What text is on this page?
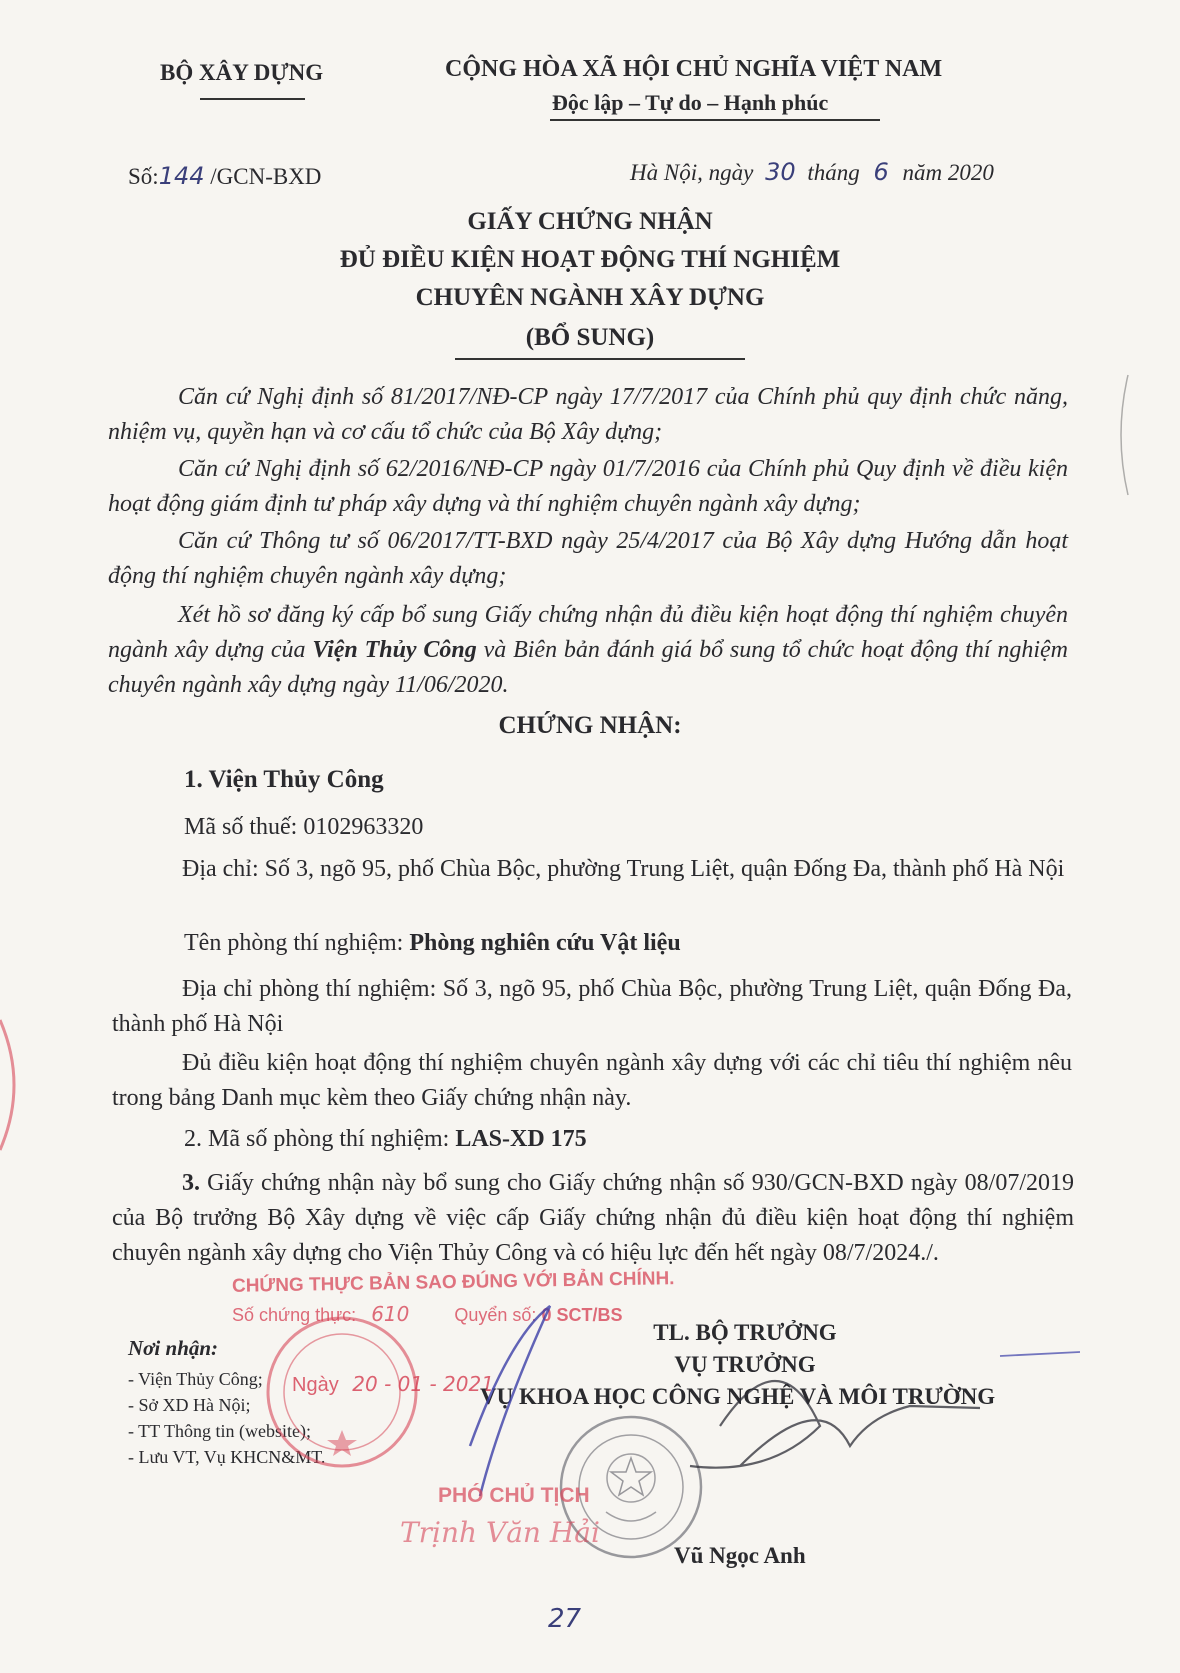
BỘ XÂY DỰNG	CỘNG HÒA XÃ HỘI CHỦ NGHĨA VIỆT NAM
Độc lập – Tự do – Hạnh phúc
Số:144 /GCN-BXD	Hà Nội, ngày 30 tháng 6 năm 2020
GIẤY CHỨNG NHẬN
ĐỦ ĐIỀU KIỆN HOẠT ĐỘNG THÍ NGHIỆM
CHUYÊN NGÀNH XÂY DỰNG
(BỔ SUNG)
Căn cứ Nghị định số 81/2017/NĐ-CP ngày 17/7/2017 của Chính phủ quy định chức năng, nhiệm vụ, quyền hạn và cơ cấu tổ chức của Bộ Xây dựng;
Căn cứ Nghị định số 62/2016/NĐ-CP ngày 01/7/2016 của Chính phủ Quy định về điều kiện hoạt động giám định tư pháp xây dựng và thí nghiệm chuyên ngành xây dựng;
Căn cứ Thông tư số 06/2017/TT-BXD ngày 25/4/2017 của Bộ Xây dựng Hướng dẫn hoạt động thí nghiệm chuyên ngành xây dựng;
Xét hồ sơ đăng ký cấp bổ sung Giấy chứng nhận đủ điều kiện hoạt động thí nghiệm chuyên ngành xây dựng của Viện Thủy Công và Biên bản đánh giá bổ sung tổ chức hoạt động thí nghiệm chuyên ngành xây dựng ngày 11/06/2020.
CHỨNG NHẬN:
1. Viện Thủy Công
Mã số thuế: 0102963320
Địa chỉ: Số 3, ngõ 95, phố Chùa Bộc, phường Trung Liệt, quận Đống Đa, thành phố Hà Nội
Tên phòng thí nghiệm: Phòng nghiên cứu Vật liệu
Địa chỉ phòng thí nghiệm: Số 3, ngõ 95, phố Chùa Bộc, phường Trung Liệt, quận Đống Đa, thành phố Hà Nội
Đủ điều kiện hoạt động thí nghiệm chuyên ngành xây dựng với các chỉ tiêu thí nghiệm nêu trong bảng Danh mục kèm theo Giấy chứng nhận này.
2. Mã số phòng thí nghiệm: LAS-XD 175
3. Giấy chứng nhận này bổ sung cho Giấy chứng nhận số 930/GCN-BXD ngày 08/07/2019 của Bộ trưởng Bộ Xây dựng về việc cấp Giấy chứng nhận đủ điều kiện hoạt động thí nghiệm chuyên ngành xây dựng cho Viện Thủy Công và có hiệu lực đến hết ngày 08/7/2024./.
CHỨNG THỰC BẢN SAO ĐÚNG VỚI BẢN CHÍNH.
Số chứng thực: 610	Quyển số: 0 SCT/BS
Ngày 20 - 01 - 2021
Nơi nhận:
- Viện Thủy Công;
- Sở XD Hà Nội;
- TT Thông tin (website);
- Lưu VT, Vụ KHCN&MT.
TL. BỘ TRƯỞNG
VỤ TRƯỞNG
VỤ KHOA HỌC CÔNG NGHỆ VÀ MÔI TRƯỜNG
PHÓ CHỦ TỊCH
Trịnh Văn Hải
Vũ Ngọc Anh
27
